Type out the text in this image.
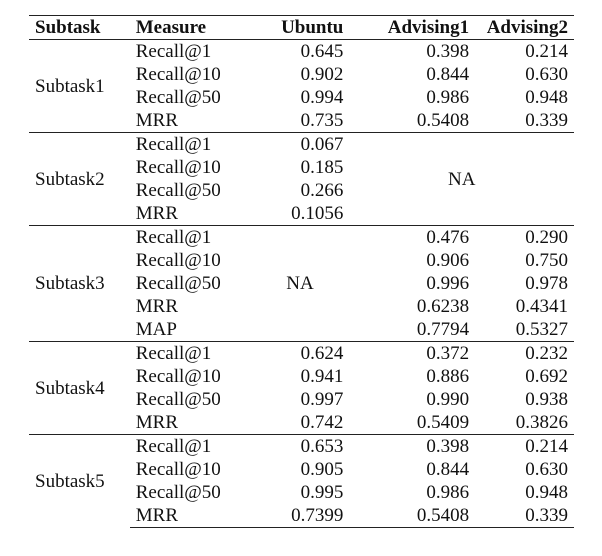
Subtask	Measure	Ubuntu	Advising1	Advising2
Subtask1	Recall@1	0.645	0.398	0.214
	Recall@10	0.902	0.844	0.630
	Recall@50	0.994	0.986	0.948
	MRR	0.735	0.5408	0.339
Subtask2	Recall@1	0.067	NA	
	Recall@10	0.185		
	Recall@50	0.266		
	MRR	0.1056		
Subtask3	Recall@1	NA	0.476	0.290
	Recall@10		0.906	0.750
	Recall@50		0.996	0.978
	MRR		0.6238	0.4341
	MAP		0.7794	0.5327
Subtask4	Recall@1	0.624	0.372	0.232
	Recall@10	0.941	0.886	0.692
	Recall@50	0.997	0.990	0.938
	MRR	0.742	0.5409	0.3826
Subtask5	Recall@1	0.653	0.398	0.214
	Recall@10	0.905	0.844	0.630
	Recall@50	0.995	0.986	0.948
	MRR	0.7399	0.5408	0.339
